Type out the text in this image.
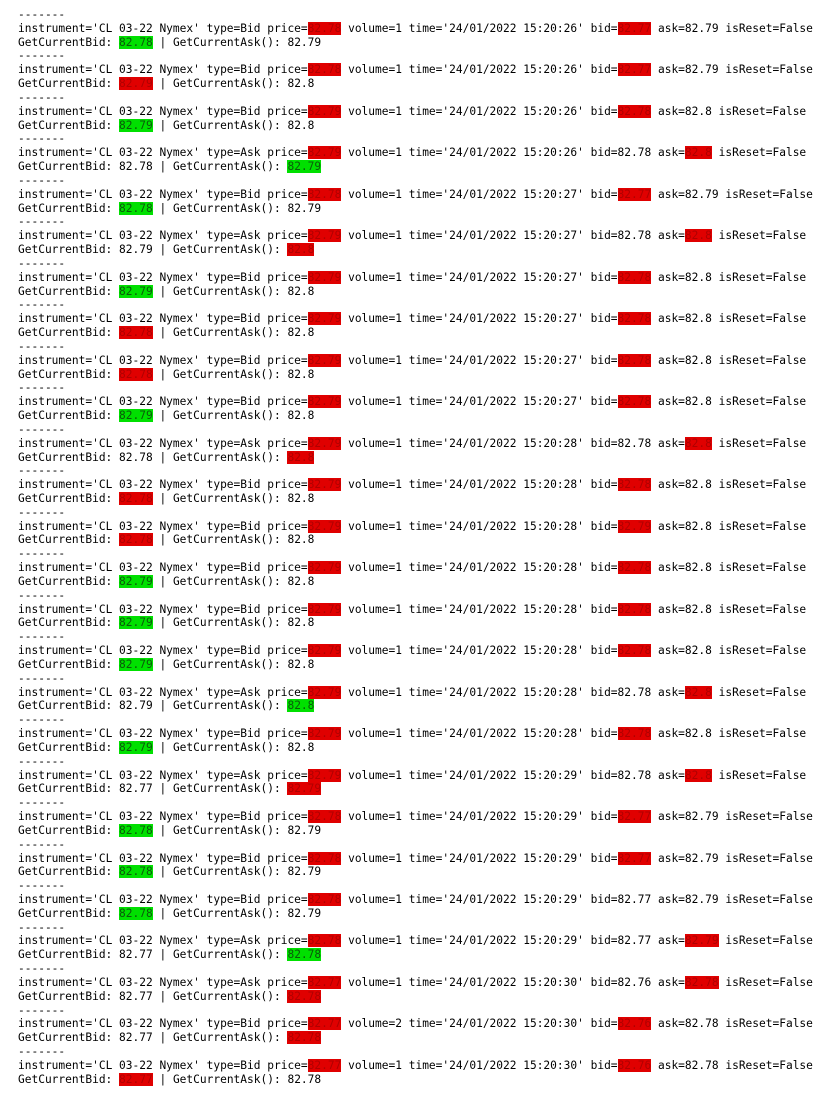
-------
instrument='CL 03-22 Nymex' type=Bid price=82.78 volume=1 time='24/01/2022 15:20:26' bid=82.77 ask=82.79 isReset=False
GetCurrentBid: 82.78 | GetCurrentAsk(): 82.79
-------
instrument='CL 03-22 Nymex' type=Bid price=82.78 volume=1 time='24/01/2022 15:20:26' bid=82.77 ask=82.79 isReset=False
GetCurrentBid: 82.79 | GetCurrentAsk(): 82.8
-------
instrument='CL 03-22 Nymex' type=Bid price=82.79 volume=1 time='24/01/2022 15:20:26' bid=82.78 ask=82.8 isReset=False
GetCurrentBid: 82.79 | GetCurrentAsk(): 82.8
-------
instrument='CL 03-22 Nymex' type=Ask price=82.79 volume=1 time='24/01/2022 15:20:26' bid=82.78 ask=82.8 isReset=False
GetCurrentBid: 82.78 | GetCurrentAsk(): 82.79
-------
instrument='CL 03-22 Nymex' type=Bid price=82.78 volume=1 time='24/01/2022 15:20:27' bid=82.77 ask=82.79 isReset=False
GetCurrentBid: 82.78 | GetCurrentAsk(): 82.79
-------
instrument='CL 03-22 Nymex' type=Ask price=82.79 volume=1 time='24/01/2022 15:20:27' bid=82.78 ask=82.8 isReset=False
GetCurrentBid: 82.79 | GetCurrentAsk(): 82.8
-------
instrument='CL 03-22 Nymex' type=Bid price=82.79 volume=1 time='24/01/2022 15:20:27' bid=82.78 ask=82.8 isReset=False
GetCurrentBid: 82.79 | GetCurrentAsk(): 82.8
-------
instrument='CL 03-22 Nymex' type=Bid price=82.79 volume=1 time='24/01/2022 15:20:27' bid=82.78 ask=82.8 isReset=False
GetCurrentBid: 82.78 | GetCurrentAsk(): 82.8
-------
instrument='CL 03-22 Nymex' type=Bid price=82.79 volume=1 time='24/01/2022 15:20:27' bid=82.78 ask=82.8 isReset=False
GetCurrentBid: 82.78 | GetCurrentAsk(): 82.8
-------
instrument='CL 03-22 Nymex' type=Bid price=82.79 volume=1 time='24/01/2022 15:20:27' bid=82.78 ask=82.8 isReset=False
GetCurrentBid: 82.79 | GetCurrentAsk(): 82.8
-------
instrument='CL 03-22 Nymex' type=Ask price=82.79 volume=1 time='24/01/2022 15:20:28' bid=82.78 ask=82.8 isReset=False
GetCurrentBid: 82.78 | GetCurrentAsk(): 82.8
-------
instrument='CL 03-22 Nymex' type=Bid price=82.79 volume=1 time='24/01/2022 15:20:28' bid=82.78 ask=82.8 isReset=False
GetCurrentBid: 82.78 | GetCurrentAsk(): 82.8
-------
instrument='CL 03-22 Nymex' type=Bid price=82.79 volume=1 time='24/01/2022 15:20:28' bid=82.79 ask=82.8 isReset=False
GetCurrentBid: 82.78 | GetCurrentAsk(): 82.8
-------
instrument='CL 03-22 Nymex' type=Bid price=82.79 volume=1 time='24/01/2022 15:20:28' bid=82.78 ask=82.8 isReset=False
GetCurrentBid: 82.79 | GetCurrentAsk(): 82.8
-------
instrument='CL 03-22 Nymex' type=Bid price=82.79 volume=1 time='24/01/2022 15:20:28' bid=82.78 ask=82.8 isReset=False
GetCurrentBid: 82.79 | GetCurrentAsk(): 82.8
-------
instrument='CL 03-22 Nymex' type=Bid price=82.79 volume=1 time='24/01/2022 15:20:28' bid=82.78 ask=82.8 isReset=False
GetCurrentBid: 82.79 | GetCurrentAsk(): 82.8
-------
instrument='CL 03-22 Nymex' type=Ask price=82.79 volume=1 time='24/01/2022 15:20:28' bid=82.78 ask=82.8 isReset=False
GetCurrentBid: 82.79 | GetCurrentAsk(): 82.8
-------
instrument='CL 03-22 Nymex' type=Bid price=82.79 volume=1 time='24/01/2022 15:20:28' bid=82.78 ask=82.8 isReset=False
GetCurrentBid: 82.79 | GetCurrentAsk(): 82.8
-------
instrument='CL 03-22 Nymex' type=Ask price=82.79 volume=1 time='24/01/2022 15:20:29' bid=82.78 ask=82.8 isReset=False
GetCurrentBid: 82.77 | GetCurrentAsk(): 82.79
-------
instrument='CL 03-22 Nymex' type=Bid price=82.78 volume=1 time='24/01/2022 15:20:29' bid=82.77 ask=82.79 isReset=False
GetCurrentBid: 82.78 | GetCurrentAsk(): 82.79
-------
instrument='CL 03-22 Nymex' type=Bid price=82.78 volume=1 time='24/01/2022 15:20:29' bid=82.77 ask=82.79 isReset=False
GetCurrentBid: 82.78 | GetCurrentAsk(): 82.79
-------
instrument='CL 03-22 Nymex' type=Bid price=82.78 volume=1 time='24/01/2022 15:20:29' bid=82.77 ask=82.79 isReset=False
GetCurrentBid: 82.78 | GetCurrentAsk(): 82.79
-------
instrument='CL 03-22 Nymex' type=Ask price=82.78 volume=1 time='24/01/2022 15:20:29' bid=82.77 ask=82.79 isReset=False
GetCurrentBid: 82.77 | GetCurrentAsk(): 82.78
-------
instrument='CL 03-22 Nymex' type=Ask price=82.77 volume=1 time='24/01/2022 15:20:30' bid=82.76 ask=82.78 isReset=False
GetCurrentBid: 82.77 | GetCurrentAsk(): 82.78
-------
instrument='CL 03-22 Nymex' type=Bid price=82.77 volume=2 time='24/01/2022 15:20:30' bid=82.76 ask=82.78 isReset=False
GetCurrentBid: 82.77 | GetCurrentAsk(): 82.78
-------
instrument='CL 03-22 Nymex' type=Bid price=82.77 volume=1 time='24/01/2022 15:20:30' bid=82.76 ask=82.78 isReset=False
GetCurrentBid: 82.77 | GetCurrentAsk(): 82.78
